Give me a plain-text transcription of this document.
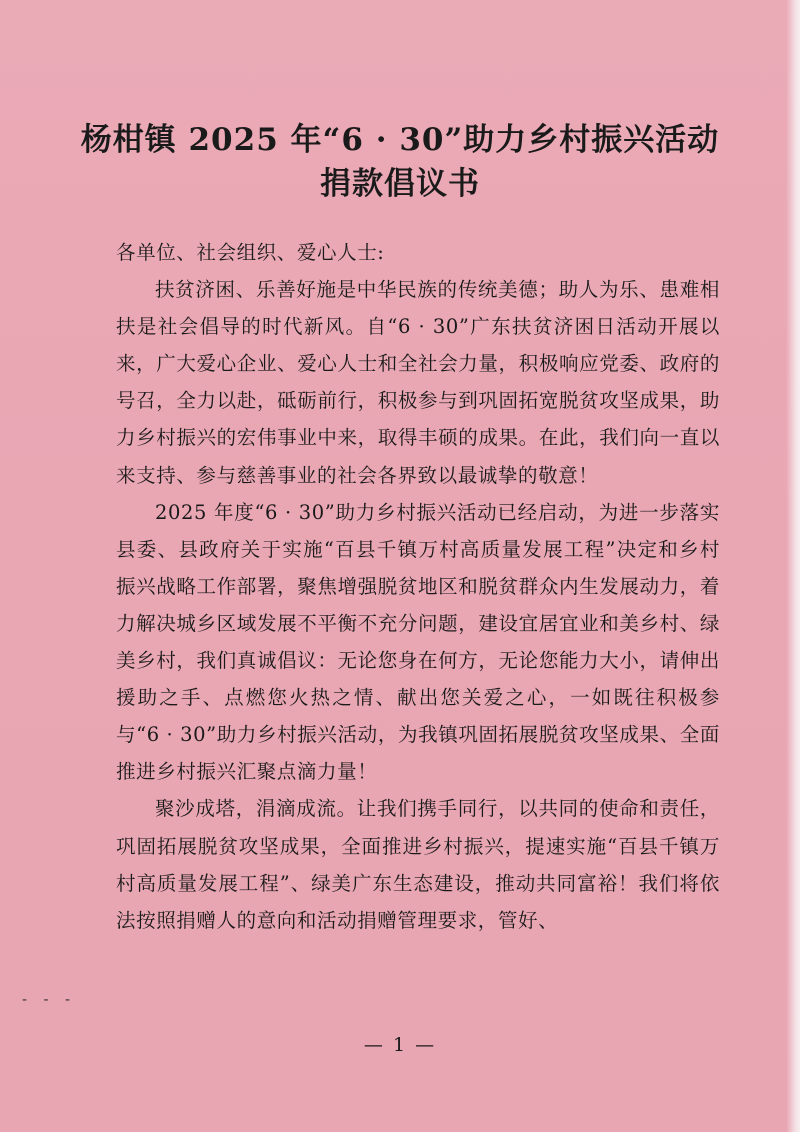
杨柑镇 2025 年“6 · 30”助力乡村振兴活动
捐款倡议书

各单位、社会组织、爱心人士:

扶贫济困、乐善好施是中华民族的传统美德；助人为乐、患难相扶是社会倡导的时代新风。自“6 · 30”广东扶贫济困日活动开展以来，广大爱心企业、爱心人士和全社会力量，积极响应党委、政府的号召，全力以赴，砥砺前行，积极参与到巩固拓宽脱贫攻坚成果，助力乡村振兴的宏伟事业中来，取得丰硕的成果。在此，我们向一直以来支持、参与慈善事业的社会各界致以最诚挚的敬意！

2025 年度“6 · 30”助力乡村振兴活动已经启动，为进一步落实县委、县政府关于实施“百县千镇万村高质量发展工程”决定和乡村振兴战略工作部署，聚焦增强脱贫地区和脱贫群众内生发展动力，着力解决城乡区域发展不平衡不充分问题，建设宜居宜业和美乡村、绿美乡村，我们真诚倡议：无论您身在何方，无论您能力大小，请伸出援助之手、点燃您火热之情、献出您关爱之心，一如既往积极参与“6 · 30”助力乡村振兴活动，为我镇巩固拓展脱贫攻坚成果、全面推进乡村振兴汇聚点滴力量！

聚沙成塔，涓滴成流。让我们携手同行，以共同的使命和责任，巩固拓展脱贫攻坚成果，全面推进乡村振兴，提速实施“百县千镇万村高质量发展工程”、绿美广东生态建设，推动共同富裕！我们将依法按照捐赠人的意向和活动捐赠管理要求，管好、

- - -
— 1 —
